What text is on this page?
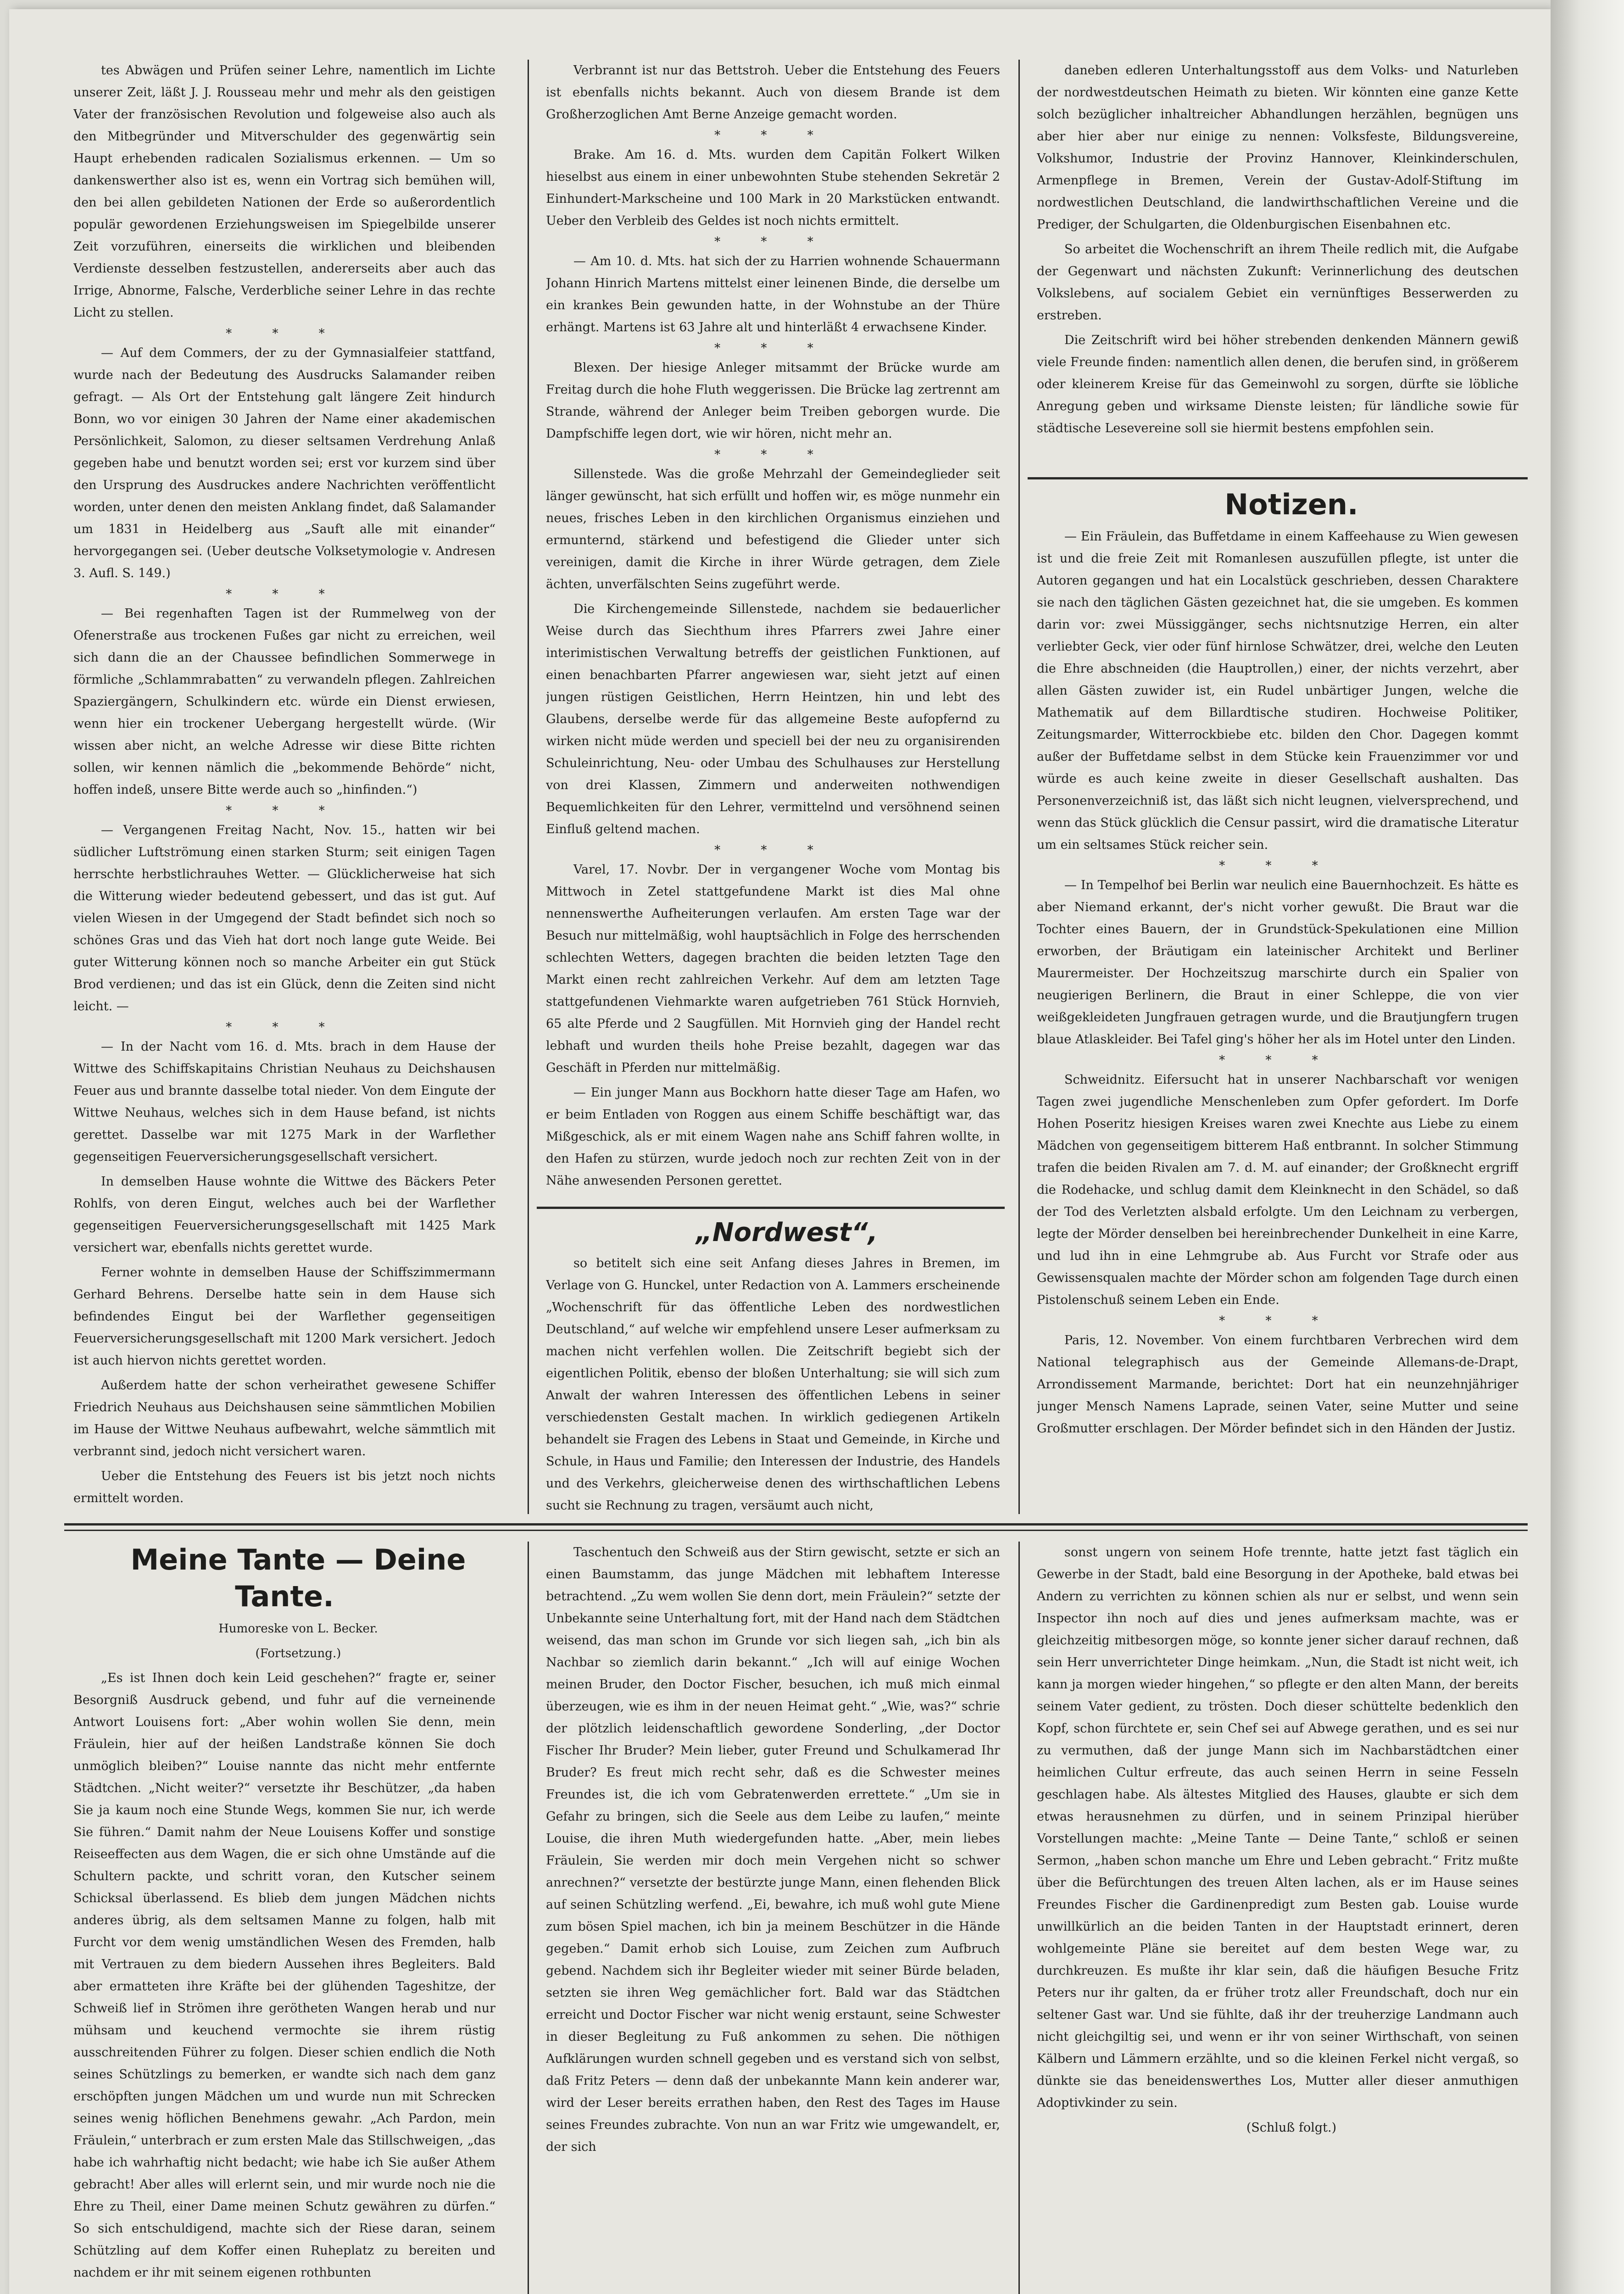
tes Abwägen und Prüfen seiner Lehre, namentlich im Lichte unserer Zeit, läßt J. J. Rousseau mehr und mehr als den geistigen Vater der französischen Revolution und folgeweise also auch als den Mitbegründer und Mitverschulder des gegenwärtig sein Haupt erhebenden radicalen Sozialismus erkennen. — Um so dankenswerther also ist es, wenn ein Vortrag sich bemühen will, den bei allen gebildeten Nationen der Erde so außerordentlich populär gewordenen Erziehungsweisen im Spiegelbilde unserer Zeit vorzuführen, einerseits die wirklichen und bleibenden Verdienste desselben festzustellen, andererseits aber auch das Irrige, Abnorme, Falsche, Verderbliche seiner Lehre in das rechte Licht zu stellen.

* * *

— Auf dem Commers, der zu der Gymnasialfeier stattfand, wurde nach der Bedeutung des Ausdrucks Salamander reiben gefragt. — Als Ort der Entstehung galt längere Zeit hindurch Bonn, wo vor einigen 30 Jahren der Name einer akademischen Persönlichkeit, Salomon, zu dieser seltsamen Verdrehung Anlaß gegeben habe und benutzt worden sei; erst vor kurzem sind über den Ursprung des Ausdruckes andere Nachrichten veröffentlicht worden, unter denen den meisten Anklang findet, daß Salamander um 1831 in Heidelberg aus „Sauft alle mit einander“ hervorgegangen sei. (Ueber deutsche Volksetymologie v. Andresen 3. Aufl. S. 149.)

* * *

— Bei regenhaften Tagen ist der Rummelweg von der Ofenerstraße aus trockenen Fußes gar nicht zu erreichen, weil sich dann die an der Chaussee befindlichen Sommerwege in förmliche „Schlammrabatten“ zu verwandeln pflegen. Zahlreichen Spaziergängern, Schulkindern etc. würde ein Dienst erwiesen, wenn hier ein trockener Uebergang hergestellt würde. (Wir wissen aber nicht, an welche Adresse wir diese Bitte richten sollen, wir kennen nämlich die „bekommende Behörde“ nicht, hoffen indeß, unsere Bitte werde auch so „hinfinden.“)

* * *

— Vergangenen Freitag Nacht, Nov. 15., hatten wir bei südlicher Luftströmung einen starken Sturm; seit einigen Tagen herrschte herbstlichrauhes Wetter. — Glücklicherweise hat sich die Witterung wieder bedeutend gebessert, und das ist gut. Auf vielen Wiesen in der Umgegend der Stadt befindet sich noch so schönes Gras und das Vieh hat dort noch lange gute Weide. Bei guter Witterung können noch so manche Arbeiter ein gut Stück Brod verdienen; und das ist ein Glück, denn die Zeiten sind nicht leicht. —

* * *

— In der Nacht vom 16. d. Mts. brach in dem Hause der Wittwe des Schiffskapitains Christian Neuhaus zu Deichshausen Feuer aus und brannte dasselbe total nieder. Von dem Eingute der Wittwe Neuhaus, welches sich in dem Hause befand, ist nichts gerettet. Dasselbe war mit 1275 Mark in der Warflether gegenseitigen Feuerversicherungsgesellschaft versichert.

In demselben Hause wohnte die Wittwe des Bäckers Peter Rohlfs, von deren Eingut, welches auch bei der Warflether gegenseitigen Feuerversicherungsgesellschaft mit 1425 Mark versichert war, ebenfalls nichts gerettet wurde.

Ferner wohnte in demselben Hause der Schiffszimmermann Gerhard Behrens. Derselbe hatte sein in dem Hause sich befindendes Eingut bei der Warflether gegenseitigen Feuerversicherungsgesellschaft mit 1200 Mark versichert. Jedoch ist auch hiervon nichts gerettet worden.

Außerdem hatte der schon verheirathet gewesene Schiffer Friedrich Neuhaus aus Deichshausen seine sämmtlichen Mobilien im Hause der Wittwe Neuhaus aufbewahrt, welche sämmtlich mit verbrannt sind, jedoch nicht versichert waren.

Ueber die Entstehung des Feuers ist bis jetzt noch nichts ermittelt worden.

Verbrannt ist nur das Bettstroh. Ueber die Entstehung des Feuers ist ebenfalls nichts bekannt. Auch von diesem Brande ist dem Großherzoglichen Amt Berne Anzeige gemacht worden.

* * *

Brake. Am 16. d. Mts. wurden dem Capitän Folkert Wilken hieselbst aus einem in einer unbewohnten Stube stehenden Sekretär 2 Einhundert-Markscheine und 100 Mark in 20 Markstücken entwandt. Ueber den Verbleib des Geldes ist noch nichts ermittelt.

* * *

— Am 10. d. Mts. hat sich der zu Harrien wohnende Schauermann Johann Hinrich Martens mittelst einer leinenen Binde, die derselbe um ein krankes Bein gewunden hatte, in der Wohnstube an der Thüre erhängt. Martens ist 63 Jahre alt und hinterläßt 4 erwachsene Kinder.

* * *

Blexen. Der hiesige Anleger mitsammt der Brücke wurde am Freitag durch die hohe Fluth weggerissen. Die Brücke lag zertrennt am Strande, während der Anleger beim Treiben geborgen wurde. Die Dampfschiffe legen dort, wie wir hören, nicht mehr an.

* * *

Sillenstede. Was die große Mehrzahl der Gemeindeglieder seit länger gewünscht, hat sich erfüllt und hoffen wir, es möge nunmehr ein neues, frisches Leben in den kirchlichen Organismus einziehen und ermunternd, stärkend und befestigend die Glieder unter sich vereinigen, damit die Kirche in ihrer Würde getragen, dem Ziele ächten, unverfälschten Seins zugeführt werde.

Die Kirchengemeinde Sillenstede, nachdem sie bedauerlicher Weise durch das Siechthum ihres Pfarrers zwei Jahre einer interimistischen Verwaltung betreffs der geistlichen Funktionen, auf einen benachbarten Pfarrer angewiesen war, sieht jetzt auf einen jungen rüstigen Geistlichen, Herrn Heintzen, hin und lebt des Glaubens, derselbe werde für das allgemeine Beste aufopfernd zu wirken nicht müde werden und speciell bei der neu zu organisirenden Schuleinrichtung, Neu- oder Umbau des Schulhauses zur Herstellung von drei Klassen, Zimmern und anderweiten nothwendigen Bequemlichkeiten für den Lehrer, vermittelnd und versöhnend seinen Einfluß geltend machen.

* * *

Varel, 17. Novbr. Der in vergangener Woche vom Montag bis Mittwoch in Zetel stattgefundene Markt ist dies Mal ohne nennenswerthe Aufheiterungen verlaufen. Am ersten Tage war der Besuch nur mittelmäßig, wohl hauptsächlich in Folge des herrschenden schlechten Wetters, dagegen brachten die beiden letzten Tage den Markt einen recht zahlreichen Verkehr. Auf dem am letzten Tage stattgefundenen Viehmarkte waren aufgetrieben 761 Stück Hornvieh, 65 alte Pferde und 2 Saugfüllen. Mit Hornvieh ging der Handel recht lebhaft und wurden theils hohe Preise bezahlt, dagegen war das Geschäft in Pferden nur mittelmäßig.

— Ein junger Mann aus Bockhorn hatte dieser Tage am Hafen, wo er beim Entladen von Roggen aus einem Schiffe beschäftigt war, das Mißgeschick, als er mit einem Wagen nahe ans Schiff fahren wollte, in den Hafen zu stürzen, wurde jedoch noch zur rechten Zeit von in der Nähe anwesenden Personen gerettet.

„Nordwest“,

so betitelt sich eine seit Anfang dieses Jahres in Bremen, im Verlage von G. Hunckel, unter Redaction von A. Lammers erscheinende „Wochenschrift für das öffentliche Leben des nordwestlichen Deutschland,“ auf welche wir empfehlend unsere Leser aufmerksam zu machen nicht verfehlen wollen. Die Zeitschrift begiebt sich der eigentlichen Politik, ebenso der bloßen Unterhaltung; sie will sich zum Anwalt der wahren Interessen des öffentlichen Lebens in seiner verschiedensten Gestalt machen. In wirklich gediegenen Artikeln behandelt sie Fragen des Lebens in Staat und Gemeinde, in Kirche und Schule, in Haus und Familie; den Interessen der Industrie, des Handels und des Verkehrs, gleicherweise denen des wirthschaftlichen Lebens sucht sie Rechnung zu tragen, versäumt auch nicht,

daneben edleren Unterhaltungsstoff aus dem Volks- und Naturleben der nordwestdeutschen Heimath zu bieten. Wir könnten eine ganze Kette solch bezüglicher inhaltreicher Abhandlungen herzählen, begnügen uns aber hier aber nur einige zu nennen: Volksfeste, Bildungsvereine, Volkshumor, Industrie der Provinz Hannover, Kleinkinderschulen, Armenpflege in Bremen, Verein der Gustav-Adolf-Stiftung im nordwestlichen Deutschland, die landwirthschaftlichen Vereine und die Prediger, der Schulgarten, die Oldenburgischen Eisenbahnen etc.

So arbeitet die Wochenschrift an ihrem Theile redlich mit, die Aufgabe der Gegenwart und nächsten Zukunft: Verinnerlichung des deutschen Volkslebens, auf socialem Gebiet ein vernünftiges Besserwerden zu erstreben.

Die Zeitschrift wird bei höher strebenden denkenden Männern gewiß viele Freunde finden: namentlich allen denen, die berufen sind, in größerem oder kleinerem Kreise für das Gemeinwohl zu sorgen, dürfte sie löbliche Anregung geben und wirksame Dienste leisten; für ländliche sowie für städtische Lesevereine soll sie hiermit bestens empfohlen sein.

Notizen.

— Ein Fräulein, das Buffetdame in einem Kaffeehause zu Wien gewesen ist und die freie Zeit mit Romanlesen auszufüllen pflegte, ist unter die Autoren gegangen und hat ein Localstück geschrieben, dessen Charaktere sie nach den täglichen Gästen gezeichnet hat, die sie umgeben. Es kommen darin vor: zwei Müssiggänger, sechs nichtsnutzige Herren, ein alter verliebter Geck, vier oder fünf hirnlose Schwätzer, drei, welche den Leuten die Ehre abschneiden (die Hauptrollen,) einer, der nichts verzehrt, aber allen Gästen zuwider ist, ein Rudel unbärtiger Jungen, welche die Mathematik auf dem Billardtische studiren. Hochweise Politiker, Zeitungsmarder, Witterrockbiebe etc. bilden den Chor. Dagegen kommt außer der Buffetdame selbst in dem Stücke kein Frauenzimmer vor und würde es auch keine zweite in dieser Gesellschaft aushalten. Das Personenverzeichniß ist, das läßt sich nicht leugnen, vielversprechend, und wenn das Stück glücklich die Censur passirt, wird die dramatische Literatur um ein seltsames Stück reicher sein.

* * *

— In Tempelhof bei Berlin war neulich eine Bauernhochzeit. Es hätte es aber Niemand erkannt, der's nicht vorher gewußt. Die Braut war die Tochter eines Bauern, der in Grundstück-Spekulationen eine Million erworben, der Bräutigam ein lateinischer Architekt und Berliner Maurermeister. Der Hochzeitszug marschirte durch ein Spalier von neugierigen Berlinern, die Braut in einer Schleppe, die von vier weißgekleideten Jungfrauen getragen wurde, und die Brautjungfern trugen blaue Atlaskleider. Bei Tafel ging's höher her als im Hotel unter den Linden.

* * *

Schweidnitz. Eifersucht hat in unserer Nachbarschaft vor wenigen Tagen zwei jugendliche Menschenleben zum Opfer gefordert. Im Dorfe Hohen Poseritz hiesigen Kreises waren zwei Knechte aus Liebe zu einem Mädchen von gegenseitigem bitterem Haß entbrannt. In solcher Stimmung trafen die beiden Rivalen am 7. d. M. auf einander; der Großknecht ergriff die Rodehacke, und schlug damit dem Kleinknecht in den Schädel, so daß der Tod des Verletzten alsbald erfolgte. Um den Leichnam zu verbergen, legte der Mörder denselben bei hereinbrechender Dunkelheit in eine Karre, und lud ihn in eine Lehmgrube ab. Aus Furcht vor Strafe oder aus Gewissensqualen machte der Mörder schon am folgenden Tage durch einen Pistolenschuß seinem Leben ein Ende.

* * *

Paris, 12. November. Von einem furchtbaren Verbrechen wird dem National telegraphisch aus der Gemeinde Allemans-de-Drapt, Arrondissement Marmande, berichtet: Dort hat ein neunzehnjähriger junger Mensch Namens Laprade, seinen Vater, seine Mutter und seine Großmutter erschlagen. Der Mörder befindet sich in den Händen der Justiz.

Meine Tante — Deine Tante.

Humoreske von L. Becker.

(Fortsetzung.)

„Es ist Ihnen doch kein Leid geschehen?“ fragte er, seiner Besorgniß Ausdruck gebend, und fuhr auf die verneinende Antwort Louisens fort: „Aber wohin wollen Sie denn, mein Fräulein, hier auf der heißen Landstraße können Sie doch unmöglich bleiben?“ Louise nannte das nicht mehr entfernte Städtchen. „Nicht weiter?“ versetzte ihr Beschützer, „da haben Sie ja kaum noch eine Stunde Wegs, kommen Sie nur, ich werde Sie führen.“ Damit nahm der Neue Louisens Koffer und sonstige Reiseeffecten aus dem Wagen, die er sich ohne Umstände auf die Schultern packte, und schritt voran, den Kutscher seinem Schicksal überlassend. Es blieb dem jungen Mädchen nichts anderes übrig, als dem seltsamen Manne zu folgen, halb mit Furcht vor dem wenig umständlichen Wesen des Fremden, halb mit Vertrauen zu dem biedern Aussehen ihres Begleiters. Bald aber ermatteten ihre Kräfte bei der glühenden Tageshitze, der Schweiß lief in Strömen ihre gerötheten Wangen herab und nur mühsam und keuchend vermochte sie ihrem rüstig ausschreitenden Führer zu folgen. Dieser schien endlich die Noth seines Schützlings zu bemerken, er wandte sich nach dem ganz erschöpften jungen Mädchen um und wurde nun mit Schrecken seines wenig höflichen Benehmens gewahr. „Ach Pardon, mein Fräulein,“ unterbrach er zum ersten Male das Stillschweigen, „das habe ich wahrhaftig nicht bedacht; wie habe ich Sie außer Athem gebracht! Aber alles will erlernt sein, und mir wurde noch nie die Ehre zu Theil, einer Dame meinen Schutz gewähren zu dürfen.“ So sich entschuldigend, machte sich der Riese daran, seinem Schützling auf dem Koffer einen Ruheplatz zu bereiten und nachdem er ihr mit seinem eigenen rothbunten

Taschentuch den Schweiß aus der Stirn gewischt, setzte er sich an einen Baumstamm, das junge Mädchen mit lebhaftem Interesse betrachtend. „Zu wem wollen Sie denn dort, mein Fräulein?“ setzte der Unbekannte seine Unterhaltung fort, mit der Hand nach dem Städtchen weisend, das man schon im Grunde vor sich liegen sah, „ich bin als Nachbar so ziemlich darin bekannt.“ „Ich will auf einige Wochen meinen Bruder, den Doctor Fischer, besuchen, ich muß mich einmal überzeugen, wie es ihm in der neuen Heimat geht.“ „Wie, was?“ schrie der plötzlich leidenschaftlich gewordene Sonderling, „der Doctor Fischer Ihr Bruder? Mein lieber, guter Freund und Schulkamerad Ihr Bruder? Es freut mich recht sehr, daß es die Schwester meines Freundes ist, die ich vom Gebratenwerden errettete.“ „Um sie in Gefahr zu bringen, sich die Seele aus dem Leibe zu laufen,“ meinte Louise, die ihren Muth wiedergefunden hatte. „Aber, mein liebes Fräulein, Sie werden mir doch mein Vergehen nicht so schwer anrechnen?“ versetzte der bestürzte junge Mann, einen flehenden Blick auf seinen Schützling werfend. „Ei, bewahre, ich muß wohl gute Miene zum bösen Spiel machen, ich bin ja meinem Beschützer in die Hände gegeben.“ Damit erhob sich Louise, zum Zeichen zum Aufbruch gebend. Nachdem sich ihr Begleiter wieder mit seiner Bürde beladen, setzten sie ihren Weg gemächlicher fort. Bald war das Städtchen erreicht und Doctor Fischer war nicht wenig erstaunt, seine Schwester in dieser Begleitung zu Fuß ankommen zu sehen. Die nöthigen Aufklärungen wurden schnell gegeben und es verstand sich von selbst, daß Fritz Peters — denn daß der unbekannte Mann kein anderer war, wird der Leser bereits errathen haben, den Rest des Tages im Hause seines Freundes zubrachte. Von nun an war Fritz wie umgewandelt, er, der sich

sonst ungern von seinem Hofe trennte, hatte jetzt fast täglich ein Gewerbe in der Stadt, bald eine Besorgung in der Apotheke, bald etwas bei Andern zu verrichten zu können schien als nur er selbst, und wenn sein Inspector ihn noch auf dies und jenes aufmerksam machte, was er gleichzeitig mitbesorgen möge, so konnte jener sicher darauf rechnen, daß sein Herr unverrichteter Dinge heimkam. „Nun, die Stadt ist nicht weit, ich kann ja morgen wieder hingehen,“ so pflegte er den alten Mann, der bereits seinem Vater gedient, zu trösten. Doch dieser schüttelte bedenklich den Kopf, schon fürchtete er, sein Chef sei auf Abwege gerathen, und es sei nur zu vermuthen, daß der junge Mann sich im Nachbarstädtchen einer heimlichen Cultur erfreute, das auch seinen Herrn in seine Fesseln geschlagen habe. Als ältestes Mitglied des Hauses, glaubte er sich dem etwas herausnehmen zu dürfen, und in seinem Prinzipal hierüber Vorstellungen machte: „Meine Tante — Deine Tante,“ schloß er seinen Sermon, „haben schon manche um Ehre und Leben gebracht.“ Fritz mußte über die Befürchtungen des treuen Alten lachen, als er im Hause seines Freundes Fischer die Gardinenpredigt zum Besten gab. Louise wurde unwillkürlich an die beiden Tanten in der Hauptstadt erinnert, deren wohlgemeinte Pläne sie bereitet auf dem besten Wege war, zu durchkreuzen. Es mußte ihr klar sein, daß die häufigen Besuche Fritz Peters nur ihr galten, da er früher trotz aller Freundschaft, doch nur ein seltener Gast war. Und sie fühlte, daß ihr der treuherzige Landmann auch nicht gleichgiltig sei, und wenn er ihr von seiner Wirthschaft, von seinen Kälbern und Lämmern erzählte, und so die kleinen Ferkel nicht vergaß, so dünkte sie das beneidenswerthes Los, Mutter aller dieser anmuthigen Adoptivkinder zu sein.

(Schluß folgt.)
